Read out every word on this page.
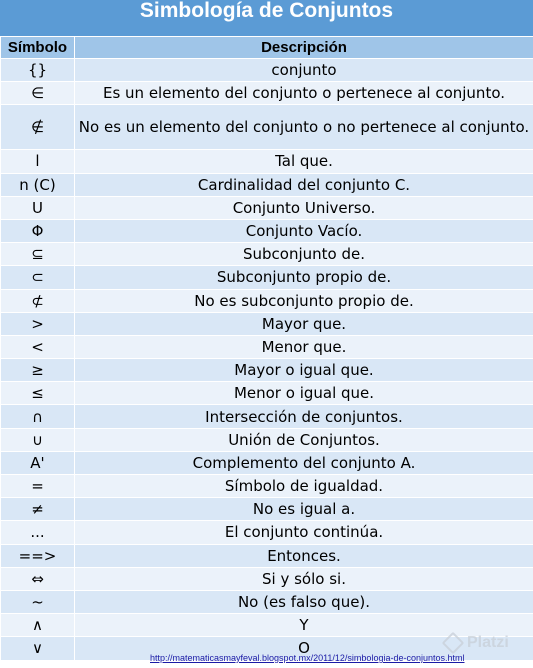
Simbología de Conjuntos
Símbolo	Descripción
{}	conjunto
∈	Es un elemento del conjunto o pertenece al conjunto.
∉	No es un elemento del conjunto o no pertenece al conjunto.
l	Tal que.
n (C)	Cardinalidad del conjunto C.
U	Conjunto Universo.
Φ	Conjunto Vacío.
⊆	Subconjunto de.
⊂	Subconjunto propio de.
⊄	No es subconjunto propio de.
>	Mayor que.
<	Menor que.
≥	Mayor o igual que.
≤	Menor o igual que.
∩	Intersección de conjuntos.
∪	Unión de Conjuntos.
A'	Complemento del conjunto A.
=	Símbolo de igualdad.
≠	No es igual a.
...	El conjunto continúa.
==>	Entonces.
⇔	Si y sólo si.
~	No (es falso que).
∧	Y
∨	O
http://matematicasmayfeval.blogspot.mx/2011/12/simbologia-de-conjuntos.html
Platzi
